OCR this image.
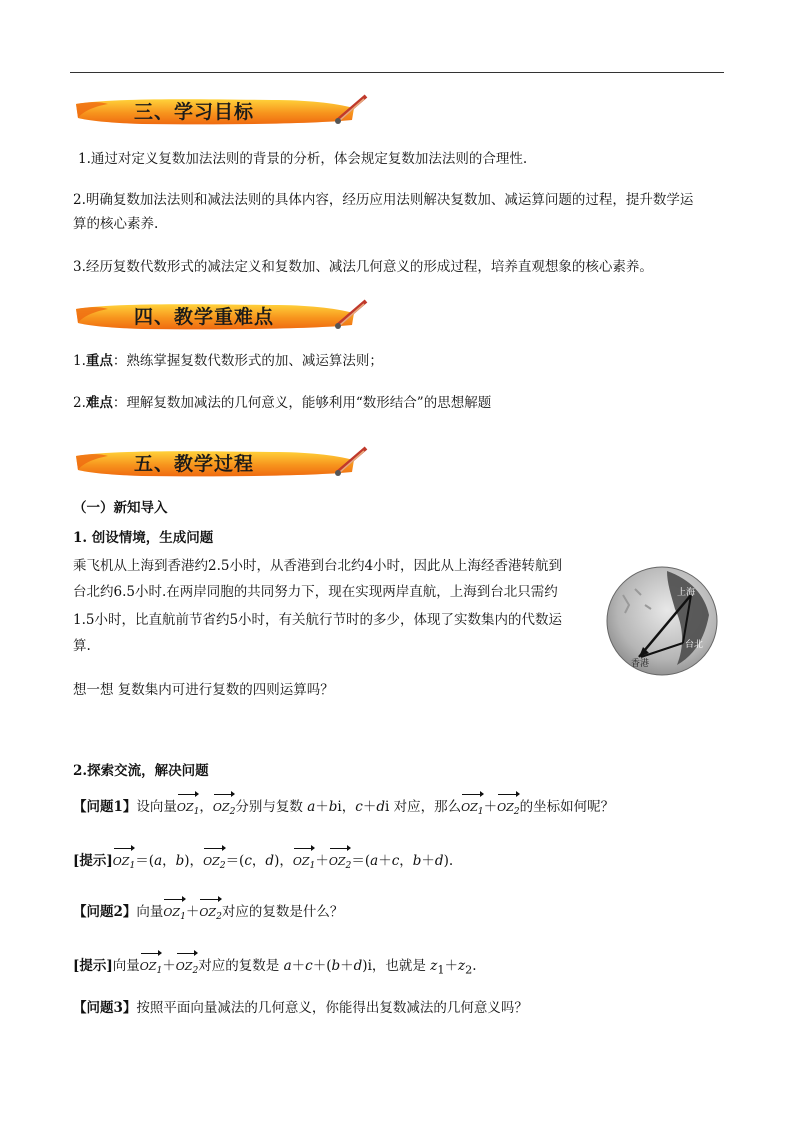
三、学习目标
1.通过对定义复数加法法则的背景的分析，体会规定复数加法法则的合理性.
2.明确复数加法法则和减法法则的具体内容，经历应用法则解决复数加、减运算问题的过程，提升数学运
算的核心素养.
3.经历复数代数形式的减法定义和复数加、减法几何意义的形成过程，培养直观想象的核心素养。
四、教学重难点
1.重点：熟练掌握复数代数形式的加、减运算法则；
2.难点：理解复数加减法的几何意义，能够利用“数形结合”的思想解题
五、教学过程
（一）新知导入
1. 创设情境，生成问题
乘飞机从上海到香港约2.5小时，从香港到台北约4小时，因此从上海经香港转航到
台北约6.5小时.在两岸同胞的共同努力下，现在实现两岸直航，上海到台北只需约
1.5小时，比直航前节省约5小时，有关航行节时的多少，体现了实数集内的代数运
算.
上海
台北
香港
想一想 复数集内可进行复数的四则运算吗？
2.探索交流，解决问题
【问题1】设向量$OZ_1$，$OZ_2$分别与复数 a＋bi，c＋di 对应，那么$OZ_1+OZ_2$的坐标如何呢？
[提示]$OZ_1=(a$，b)，$OZ_2=(c$，d)，$OZ_1+OZ_2=(a+c$，b＋d).
【问题2】向量$OZ_1+OZ_2$对应的复数是什么？
[提示]向量$OZ_1+OZ_2$对应的复数是 a＋c＋(b＋d)i，也就是 $z_1+z_2$.
【问题3】按照平面向量减法的几何意义，你能得出复数减法的几何意义吗？
